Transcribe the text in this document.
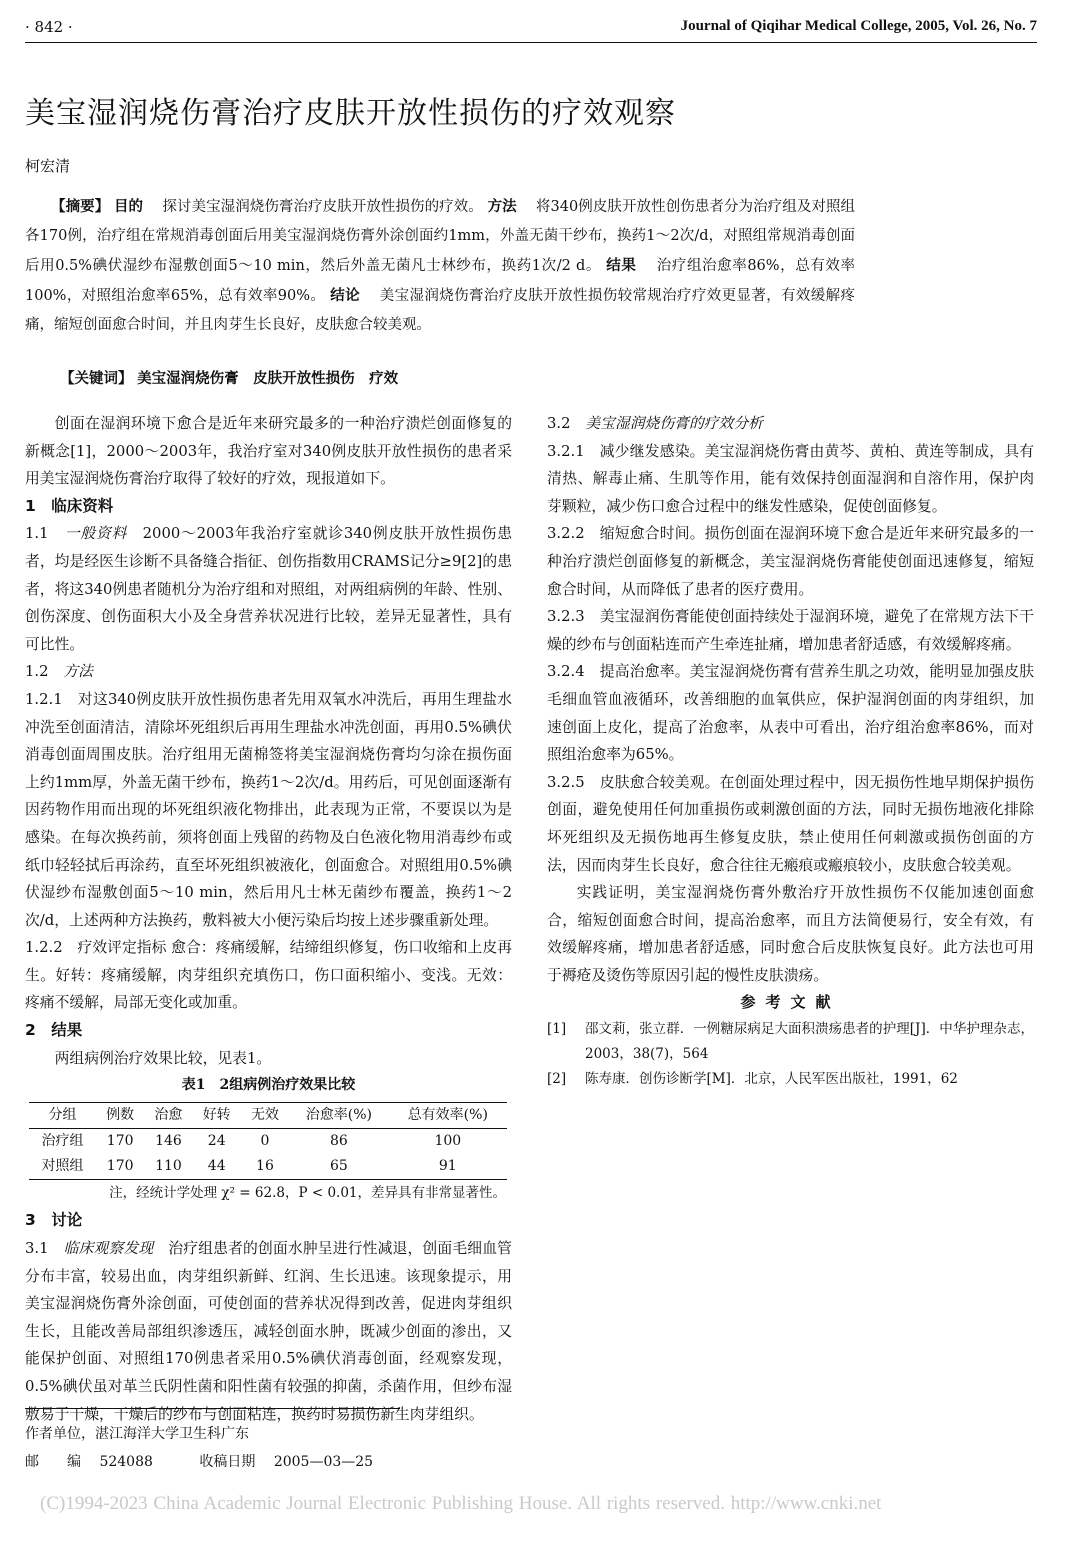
· 842 ·	Journal of Qiqihar Medical College, 2005, Vol. 26, No. 7
美宝湿润烧伤膏治疗皮肤开放性损伤的疗效观察
柯宏清
【摘要】 目的　 探讨美宝湿润烧伤膏治疗皮肤开放性损伤的疗效。 方法　 将340例皮肤开放性创伤患者分为治疗组及对照组各170例，治疗组在常规消毒创面后用美宝湿润烧伤膏外涂创面约1mm，外盖无菌干纱布，换药1～2次/d，对照组常规消毒创面后用0.5%碘伏湿纱布湿敷创面5～10 min，然后外盖无菌凡士林纱布，换药1次/2 d。 结果　 治疗组治愈率86%，总有效率100%，对照组治愈率65%，总有效率90%。 结论　 美宝湿润烧伤膏治疗皮肤开放性损伤较常规治疗疗效更显著，有效缓解疼痛，缩短创面愈合时间，并且肉芽生长良好，皮肤愈合较美观。
【关键词】 美宝湿润烧伤膏　皮肤开放性损伤　疗效

创面在湿润环境下愈合是近年来研究最多的一种治疗溃烂创面修复的新概念[1]，2000～2003年，我治疗室对340例皮肤开放性损伤的患者采用美宝湿润烧伤膏治疗取得了较好的疗效，现报道如下。

1　临床资料

1.1　 一般资料　 2000～2003年我治疗室就诊340例皮肤开放性损伤患者，均是经医生诊断不具备缝合指征、创伤指数用CRAMS记分≥9[2]的患者，将这340例患者随机分为治疗组和对照组，对两组病例的年龄、性别、创伤深度、创伤面积大小及全身营养状况进行比较，差异无显著性，具有可比性。

1.2　 方法

1.2.1　对这340例皮肤开放性损伤患者先用双氧水冲洗后，再用生理盐水冲洗至创面清洁，清除坏死组织后再用生理盐水冲洗创面，再用0.5%碘伏消毒创面周围皮肤。治疗组用无菌棉签将美宝湿润烧伤膏均匀涂在损伤面上约1mm厚，外盖无菌干纱布，换药1～2次/d。用药后，可见创面逐渐有因药物作用而出现的坏死组织液化物排出，此表现为正常，不要误以为是感染。在每次换药前，须将创面上残留的药物及白色液化物用消毒纱布或纸巾轻轻拭后再涂药，直至坏死组织被液化，创面愈合。对照组用0.5%碘伏湿纱布湿敷创面5～10 min，然后用凡士林无菌纱布覆盖，换药1～2次/d，上述两种方法换药，敷料被大小便污染后均按上述步骤重新处理。

1.2.2　疗效评定指标 愈合：疼痛缓解，结缔组织修复，伤口收缩和上皮再生。好转：疼痛缓解，肉芽组织充填伤口，伤口面积缩小、变浅。无效：疼痛不缓解，局部无变化或加重。

2　结果

两组病例治疗效果比较，见表1。

表1　2组病例治疗效果比较

分组	例数	治愈	好转	无效	治愈率(%)	总有效率(%)
治疗组	170	146	24	0	86	100
对照组	170	110	44	16	65	91

注，经统计学处理 χ² = 62.8，P < 0.01，差异具有非常显著性。

3　讨论

3.1　 临床观察发现　 治疗组患者的创面水肿呈进行性减退，创面毛细血管分布丰富，较易出血，肉芽组织新鲜、红润、生长迅速。该现象提示，用美宝湿润烧伤膏外涂创面，可使创面的营养状况得到改善，促进肉芽组织生长，且能改善局部组织渗透压，减轻创面水肿，既减少创面的渗出，又能保护创面、对照组170例患者采用0.5%碘伏消毒创面，经观察发现，0.5%碘伏虽对革兰氏阴性菌和阳性菌有较强的抑菌，杀菌作用，但纱布湿敷易于干燥，干燥后的纱布与创面粘连，换药时易损伤新生肉芽组织。

3.2　 美宝湿润烧伤膏的疗效分析

3.2.1　减少继发感染。美宝湿润烧伤膏由黄芩、黄柏、黄连等制成，具有清热、解毒止痛、生肌等作用，能有效保持创面湿润和自溶作用，保护肉芽颗粒，减少伤口愈合过程中的继发性感染，促使创面修复。

3.2.2　缩短愈合时间。损伤创面在湿润环境下愈合是近年来研究最多的一种治疗溃烂创面修复的新概念，美宝湿润烧伤膏能使创面迅速修复，缩短愈合时间，从而降低了患者的医疗费用。

3.2.3　美宝湿润伤膏能使创面持续处于湿润环境，避免了在常规方法下干燥的纱布与创面粘连而产生牵连扯痛，增加患者舒适感，有效缓解疼痛。

3.2.4　提高治愈率。美宝湿润烧伤膏有营养生肌之功效，能明显加强皮肤毛细血管血液循环，改善细胞的血氧供应，保护湿润创面的肉芽组织，加速创面上皮化，提高了治愈率，从表中可看出，治疗组治愈率86%，而对照组治愈率为65%。

3.2.5　皮肤愈合较美观。在创面处理过程中，因无损伤性地早期保护损伤创面，避免使用任何加重损伤或刺激创面的方法，同时无损伤地液化排除坏死组织及无损伤地再生修复皮肤，禁止使用任何刺激或损伤创面的方法，因而肉芽生长良好，愈合往往无瘢痕或瘢痕较小，皮肤愈合较美观。

实践证明，美宝湿润烧伤膏外敷治疗开放性损伤不仅能加速创面愈合，缩短创面愈合时间，提高治愈率，而且方法简便易行，安全有效，有效缓解疼痛，增加患者舒适感，同时愈合后皮肤恢复良好。此方法也可用于褥疮及烫伤等原因引起的慢性皮肤溃疡。

参考文献

[1]	邵文莉，张立群．一例糖尿病足大面积溃疡患者的护理[J]．中华护理杂志，2003，38(7)，564
[2]	陈寿康．创伤诊断学[M]．北京，人民军医出版社，1991，62
作者单位，湛江海洋大学卫生科广东
邮　　编　 524088　　　	收稿日期　 2005—03—25
(C)1994-2023 China Academic Journal Electronic Publishing House. All rights reserved. http://www.cnki.net
